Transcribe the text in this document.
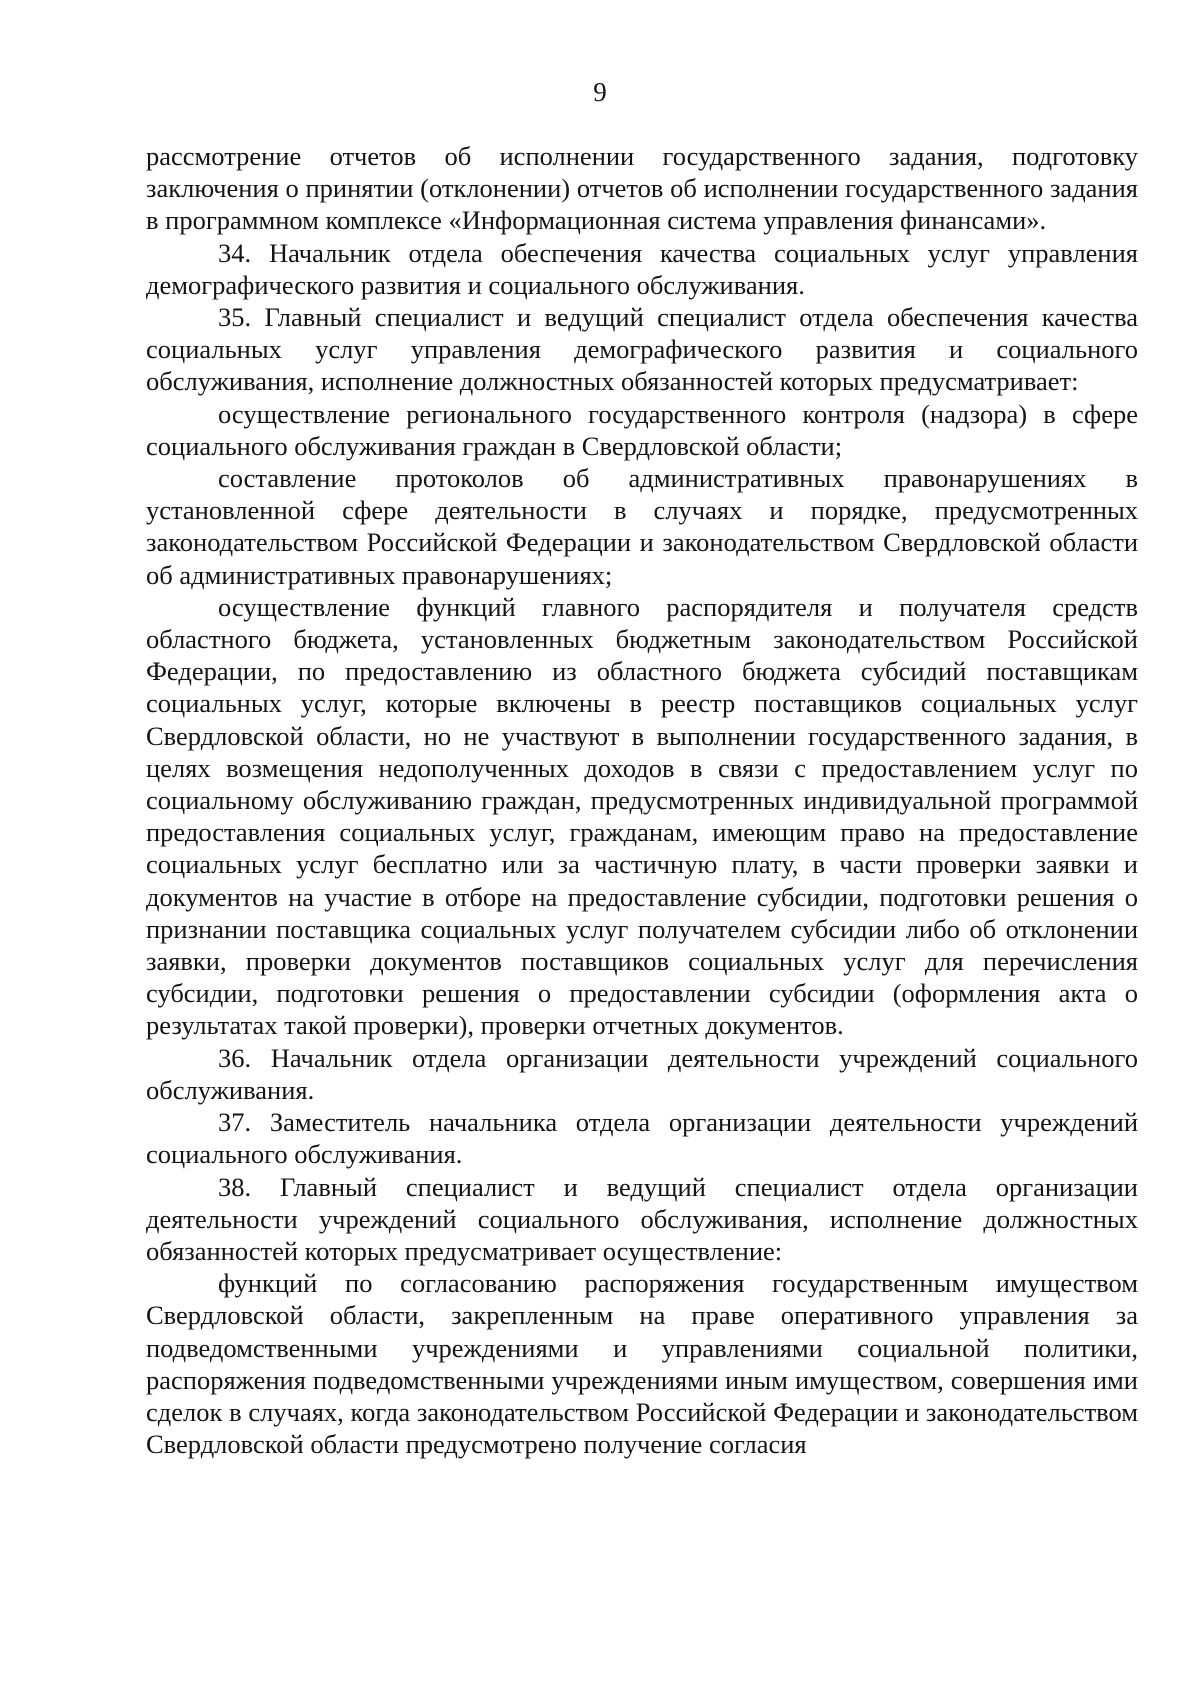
9

рассмотрение отчетов об исполнении государственного задания, подготовку заключения о принятии (отклонении) отчетов об исполнении государственного задания в программном комплексе «Информационная система управления финансами».

34. Начальник отдела обеспечения качества социальных услуг управления демографического развития и социального обслуживания.

35. Главный специалист и ведущий специалист отдела обеспечения качества социальных услуг управления демографического развития и социального обслуживания, исполнение должностных обязанностей которых предусматривает:

осуществление регионального государственного контроля (надзора) в сфере социального обслуживания граждан в Свердловской области;

составление протоколов об административных правонарушениях в установленной сфере деятельности в случаях и порядке, предусмотренных законодательством Российской Федерации и законодательством Свердловской области об административных правонарушениях;

осуществление функций главного распорядителя и получателя средств областного бюджета, установленных бюджетным законодательством Российской Федерации, по предоставлению из областного бюджета субсидий поставщикам социальных услуг, которые включены в реестр поставщиков социальных услуг Свердловской области, но не участвуют в выполнении государственного задания, в целях возмещения недополученных доходов в связи с предоставлением услуг по социальному обслуживанию граждан, предусмотренных индивидуальной программой предоставления социальных услуг, гражданам, имеющим право на предоставление социальных услуг бесплатно или за частичную плату, в части проверки заявки и документов на участие в отборе на предоставление субсидии, подготовки решения о признании поставщика социальных услуг получателем субсидии либо об отклонении заявки, проверки документов поставщиков социальных услуг для перечисления субсидии, подготовки решения о предоставлении субсидии (оформления акта о результатах такой проверки), проверки отчетных документов.

36. Начальник отдела организации деятельности учреждений социального обслуживания.

37. Заместитель начальника отдела организации деятельности учреждений социального обслуживания.

38. Главный специалист и ведущий специалист отдела организации деятельности учреждений социального обслуживания, исполнение должностных обязанностей которых предусматривает осуществление:

функций по согласованию распоряжения государственным имуществом Свердловской области, закрепленным на праве оперативного управления за подведомственными учреждениями и управлениями социальной политики, распоряжения подведомственными учреждениями иным имуществом, совершения ими сделок в случаях, когда законодательством Российской Федерации и законодательством Свердловской области предусмотрено получение согласия
